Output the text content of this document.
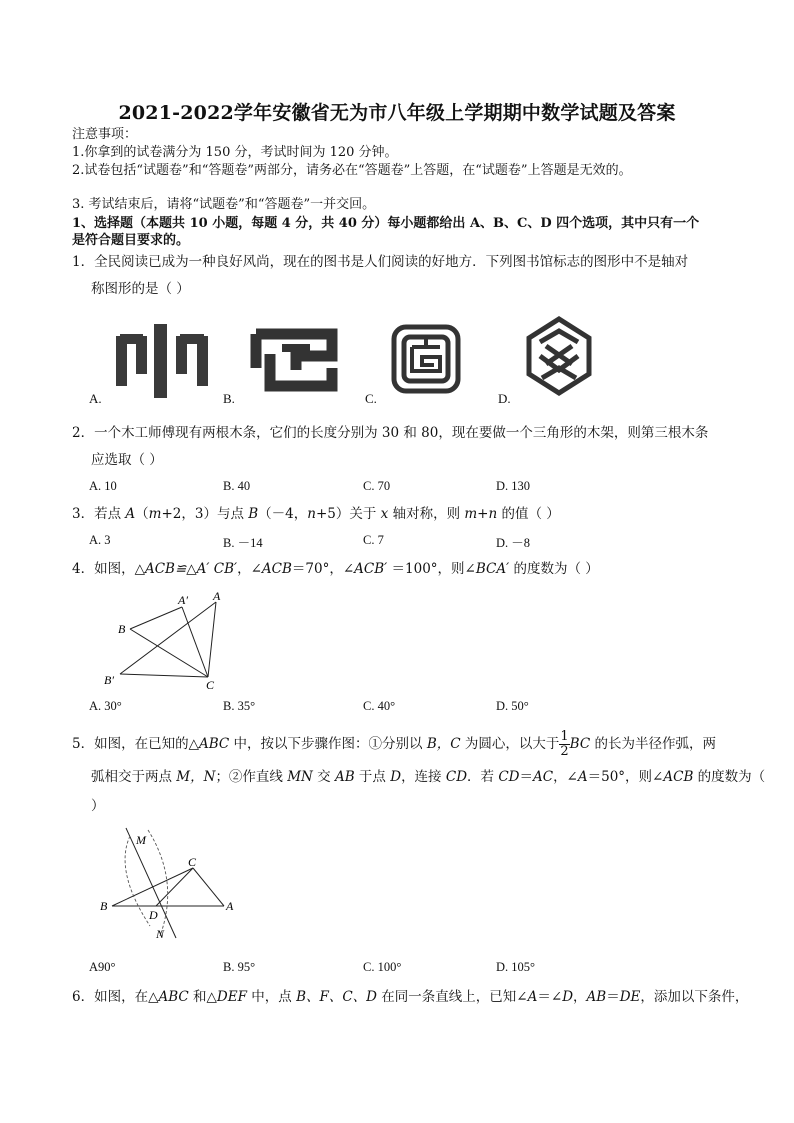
2021-2022学年安徽省无为市八年级上学期期中数学试题及答案
注意事项：
1.你拿到的试卷满分为 150 分，考试时间为 120 分钟。
2.试卷包括“试题卷”和“答题卷”两部分，请务必在“答题卷”上答题，在“试题卷”上答题是无效的。
3. 考试结束后，请将“试题卷”和“答题卷”一并交回。
1、选择题（本题共 10 小题，每题 4 分，共 40 分）每小题都给出 A、B、C、D 四个选项，其中只有一个
是符合题目要求的。
1．全民阅读已成为一种良好风尚，现在的图书是人们阅读的好地方．下列图书馆标志的图形中不是轴对
称图形的是（ ）
A.	B.	C.	D.
2．一个木工师傅现有两根木条，它们的长度分别为 30 和 80，现在要做一个三角形的木架，则第三根木条
应选取（ ）
A. 10	B. 40	C. 70	D. 130
3．若点 A（m+2，3）与点 B（－4，n+5）关于 x 轴对称，则 m+n 的值（ ）
A. 3	B. －14	C. 7	D. －8
4．如图，△ACB≌△A′ CB′，∠ACB＝70°，∠ACB′ ＝100°，则∠BCA′ 的度数为（ ）
A′ A
B
B′	C
A. 30°	B. 35°	C. 40°	D. 50°
5．如图，在已知的△ABC 中，按以下步骤作图：①分别以 B，C 为圆心，以大于 $\frac{1}{2}$ BC 的长为半径作弧，两
弧相交于两点 M，N；②作直线 MN 交 AB 于点 D，连接 CD．若 CD＝AC，∠A＝50°，则∠ACB 的度数为（
）
M
C
B
D
A
N
A90°	B. 95°	C. 100°	D. 105°
6．如图，在△ABC 和△DEF 中，点 B、F、C、D 在同一条直线上，已知∠A＝∠D，AB＝DE，添加以下条件，
